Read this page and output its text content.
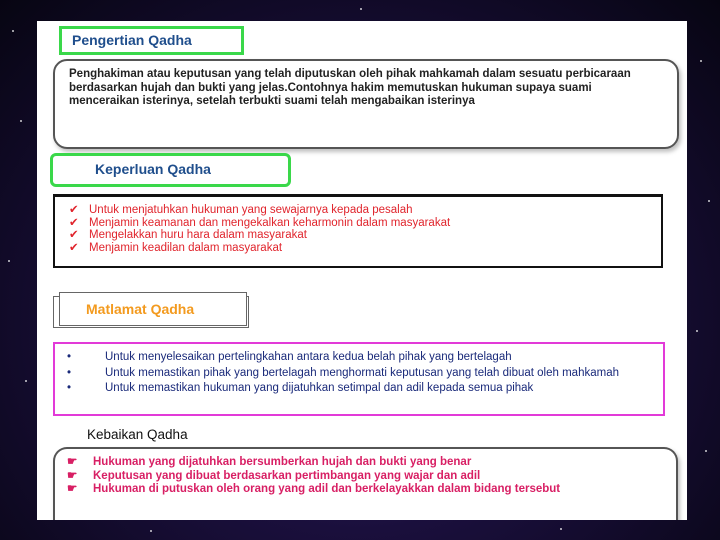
Pengertian Qadha
Penghakiman atau keputusan yang telah diputuskan oleh pihak mahkamah dalam sesuatu perbicaraan berdasarkan hujah dan bukti yang jelas.Contohnya hakim memutuskan hukuman supaya suami menceraikan isterinya, setelah terbukti suami telah mengabaikan isterinya
Keperluan Qadha
✔ Untuk menjatuhkan hukuman yang sewajarnya kepada pesalah
✔ Menjamin keamanan dan mengekalkan keharmonin dalam masyarakat
✔ Mengelakkan huru hara dalam masyarakat
✔ Menjamin keadilan dalam masyarakat
Matlamat Qadha
•	Untuk menyelesaikan pertelingkahan antara kedua belah pihak yang bertelagah
•	Untuk memastikan pihak yang bertelagah menghormati keputusan yang telah dibuat oleh mahkamah
•	Untuk memastikan hukuman yang dijatuhkan setimpal dan adil kepada semua pihak
Kebaikan Qadha
☛ Hukuman yang dijatuhkan bersumberkan hujah dan bukti yang benar
☛ Keputusan yang dibuat berdasarkan pertimbangan yang wajar dan adil
☛ Hukuman di putuskan oleh orang yang adil dan berkelayakkan dalam bidang tersebut
